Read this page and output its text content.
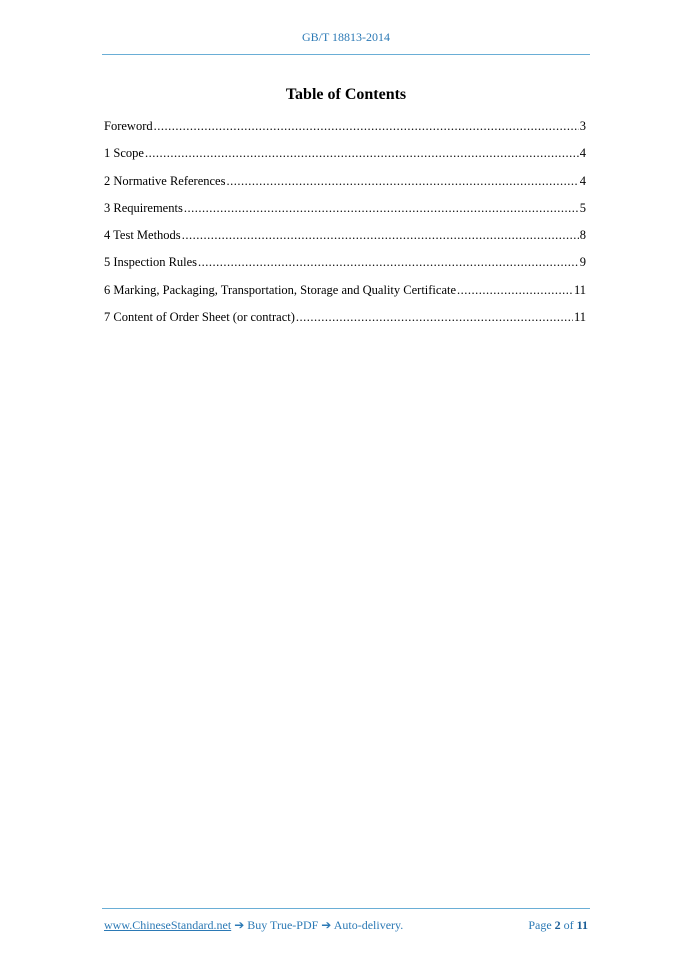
GB/T 18813-2014
Table of Contents
Foreword .....	3
1 Scope .....	4
2 Normative References .....	4
3 Requirements .....	5
4 Test Methods .....	8
5 Inspection Rules .....	9
6 Marking, Packaging, Transportation, Storage and Quality Certificate .....	11
7 Content of Order Sheet (or contract) .....	11
www.ChineseStandard.net ➔ Buy True-PDF ➔ Auto-delivery.	Page 2 of 11
